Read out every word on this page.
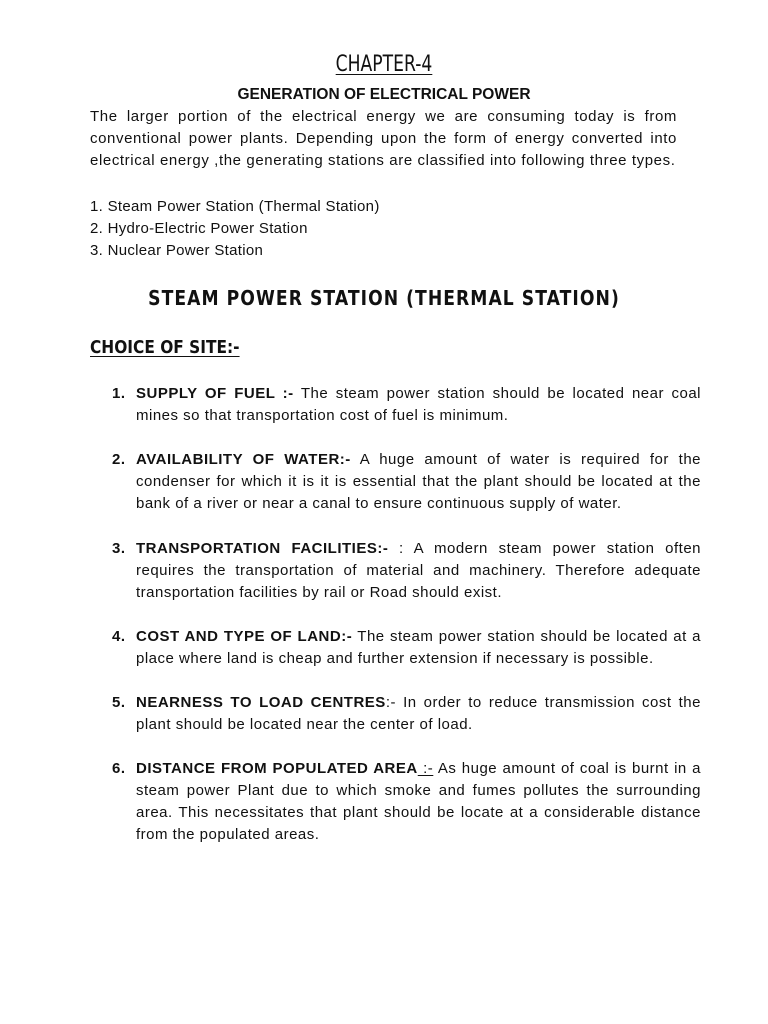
CHAPTER-4
GENERATION OF ELECTRICAL POWER

The larger portion of the electrical energy we are consuming today is from conventional power plants. Depending upon the form of energy converted into electrical energy ,the generating stations are classified into following three types.

1. Steam Power Station (Thermal Station)
2. Hydro-Electric Power Station
3. Nuclear Power Station
STEAM POWER STATION (THERMAL STATION)
CHOICE OF SITE:-
1. SUPPLY OF FUEL :- The steam power station should be located near coal mines so that transportation cost of fuel is minimum.
2. AVAILABILITY OF WATER:- A huge amount of water is required for the condenser for which it is it is essential that the plant should be located at the bank of a river or near a canal to ensure continuous supply of water.
3. TRANSPORTATION FACILITIES:- : A modern steam power station often requires the transportation of material and machinery. Therefore adequate transportation facilities by rail or Road should exist.
4. COST AND TYPE OF LAND:- The steam power station should be located at a place where land is cheap and further extension if necessary is possible.
5. NEARNESS TO LOAD CENTRES:- In order to reduce transmission cost the plant should be located near the center of load.
6. DISTANCE FROM POPULATED AREA :- As huge amount of coal is burnt in a steam power Plant due to which smoke and fumes pollutes the surrounding area. This necessitates that plant should be locate at a considerable distance from the populated areas.
